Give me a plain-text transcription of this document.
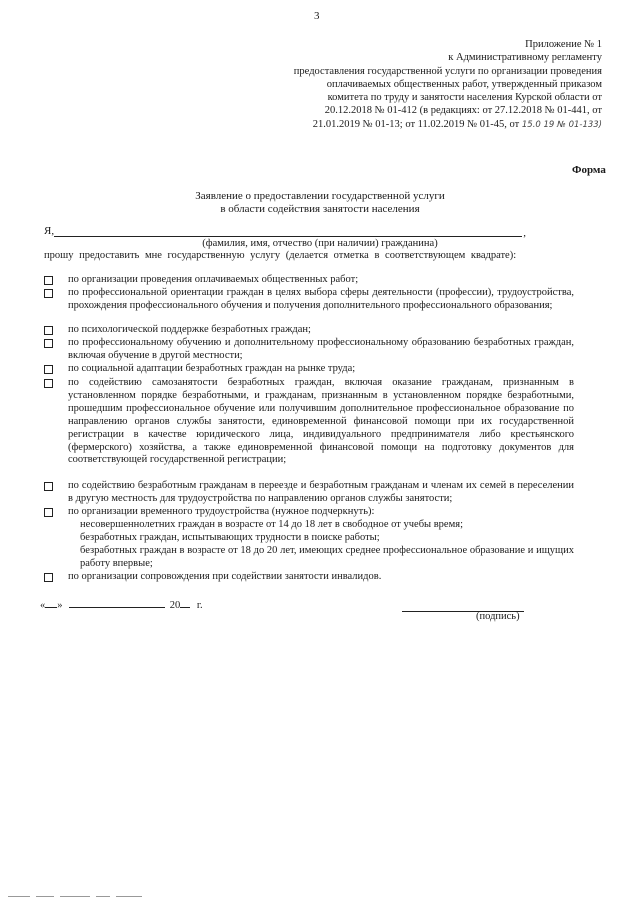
3
Приложение № 1
к Административному регламенту
предоставления государственной услуги по организации проведения
оплачиваемых общественных работ, утвержденный приказом
комитета по труду и занятости населения Курской области от
20.12.2018 № 01-412 (в редакциях: от 27.12.2018 № 01-441, от
21.01.2019 № 01-13; от 11.02.2019 № 01-45, от 15.0 19 № 01-133)
Форма
Заявление о предоставлении государственной услуги
в области содействия занятости населения
Я,	,
(фамилия, имя, отчество (при наличии) гражданина)
прошу предоставить мне государственную услугу (делается отметка в соответствующем квадрате):
по организации проведения оплачиваемых общественных работ;
по профессиональной ориентации граждан в целях выбора сферы деятельности (профессии), трудоустройства, прохождения профессионального обучения и получения дополнительного профессионального образования;
по психологической поддержке безработных граждан;
по профессиональному обучению и дополнительному профессиональному образованию безработных граждан, включая обучение в другой местности;
по социальной адаптации безработных граждан на рынке труда;
по содействию самозанятости безработных граждан, включая оказание гражданам, признанным в установленном порядке безработными, и гражданам, признанным в установленном порядке безработными, прошедшим профессиональное обучение или получившим дополнительное профессиональное образование по направлению органов службы занятости, единовременной финансовой помощи при их государственной регистрации в качестве юридического лица, индивидуального предпринимателя либо крестьянского (фермерского) хозяйства, а также единовременной финансовой помощи на подготовку документов для соответствующей государственной регистрации;
по содействию безработным гражданам в переезде и безработным гражданам и членам их семей в переселении в другую местность для трудоустройства по направлению органов службы занятости;
по организации временного трудоустройства (нужное подчеркнуть):
несовершеннолетних граждан в возрасте от 14 до 18 лет в свободное от учебы время;
безработных граждан, испытывающих трудности в поиске работы;
безработных граждан в возрасте от 18 до 20 лет, имеющих среднее профессиональное образование и ищущих работу впервые;
по организации сопровождения при содействии занятости инвалидов.
« »	20 г.
(подпись)
